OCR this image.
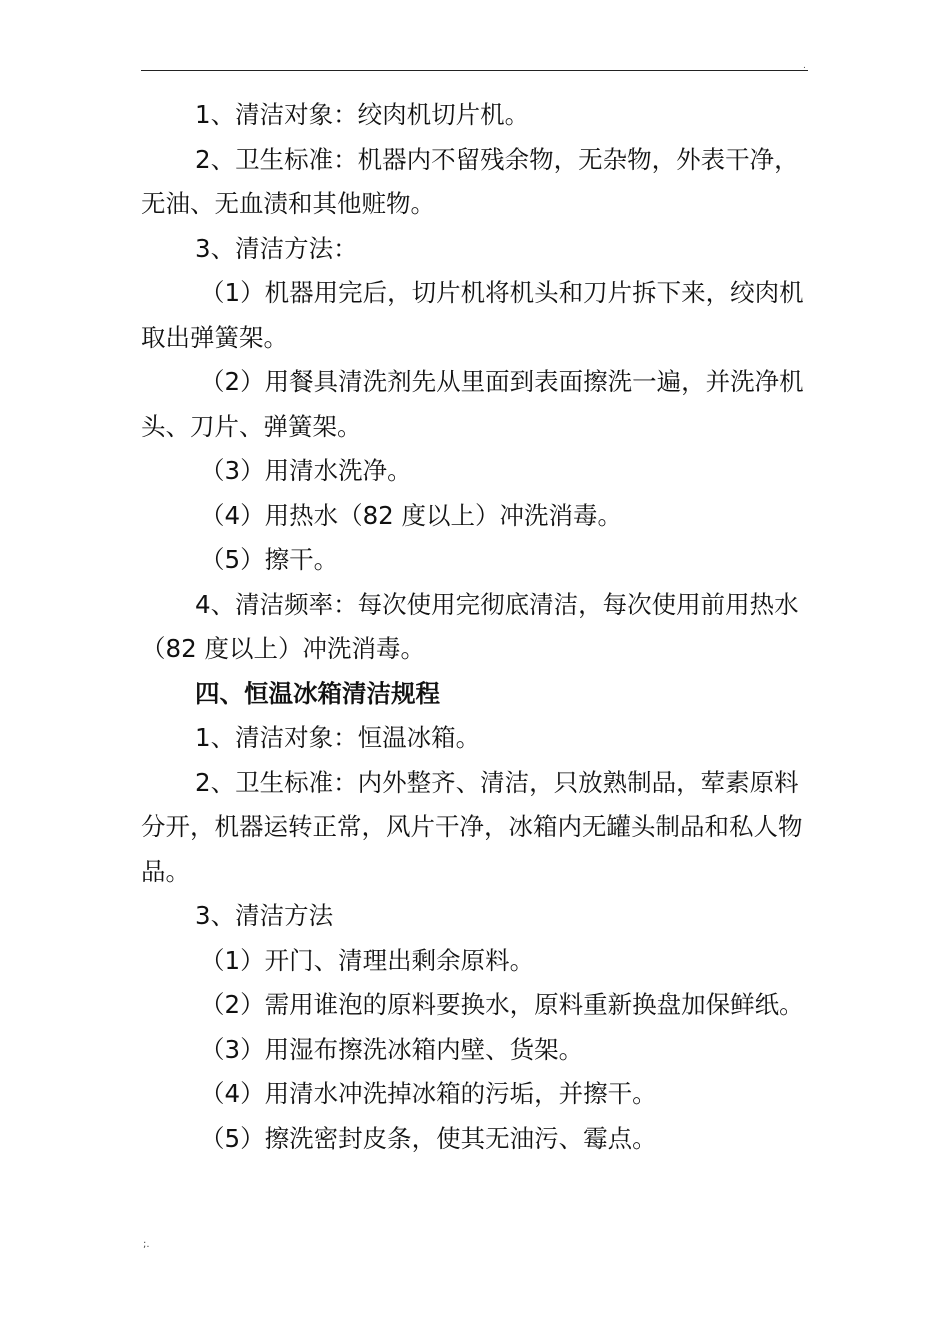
.

1、清洁对象：绞肉机切片机。

2、卫生标准：机器内不留残余物，无杂物，外表干净，无油、无血渍和其他赃物。

3、清洁方法：

（1）机器用完后，切片机将机头和刀片拆下来，绞肉机取出弹簧架。

（2）用餐具清洗剂先从里面到表面擦洗一遍，并洗净机头、刀片、弹簧架。

（3）用清水洗净。

（4）用热水（82 度以上）冲洗消毒。

（5）擦干。

4、清洁频率：每次使用完彻底清洁，每次使用前用热水（82 度以上）冲洗消毒。

四、恒温冰箱清洁规程

1、清洁对象：恒温冰箱。

2、卫生标准：内外整齐、清洁，只放熟制品，荤素原料分开，机器运转正常，风片干净，冰箱内无罐头制品和私人物品。

3、清洁方法

（1）开门、清理出剩余原料。

（2）需用谁泡的原料要换水，原料重新换盘加保鲜纸。

（3）用湿布擦洗冰箱内壁、货架。

（4）用清水冲洗掉冰箱的污垢，并擦干。

（5）擦洗密封皮条，使其无油污、霉点。

;.
